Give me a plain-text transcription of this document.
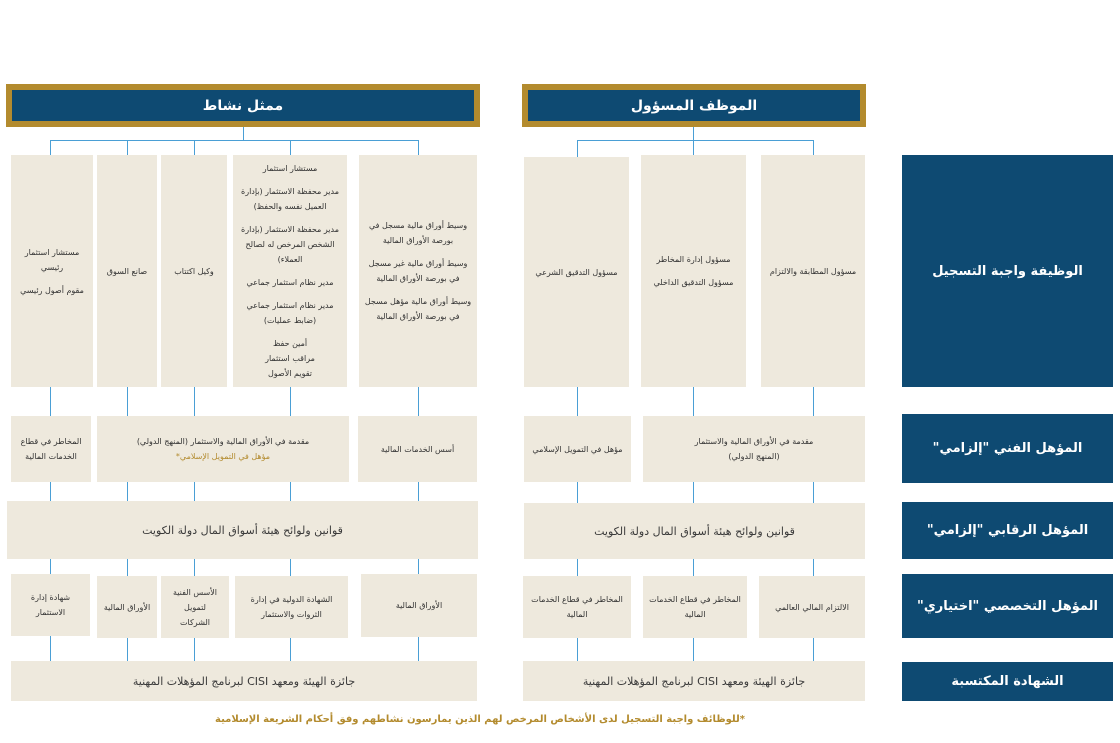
ممثل نشاط	الموظف المسؤول
الوظيفة واجبة التسجيل
المؤهل الفني "إلزامي"
المؤهل الرقابي "إلزامي"
المؤهل التخصصي "اختياري"
الشهادة المكتسبة

مسؤول المطابقة والالتزام

مسؤول إدارة المخاطر

مسؤول التدقيق الداخلي

مسؤول التدقيق الشرعي

وسيط أوراق مالية مسجل في بورصة الأوراق المالية

وسيط أوراق مالية غير مسجل في بورصة الأوراق المالية

وسيط أوراق مالية مؤهل مسجل في بورصة الأوراق المالية

مستشار استثمار

مدير محفظة الاستثمار (بإدارة العميل نفسه والحفظ)

مدير محفظة الاستثمار (بإدارة الشخص المرخص له لصالح العملاء)

مدير نظام استثمار جماعي

مدير نظام استثمار جماعي (ضابط عمليات)

أمين حفظ
مراقب استثمار
تقويم الأصول

وكيل اكتتاب

صانع السوق

مستشار استثمار رئيسي

مقوم أصول رئيسي

مقدمة في الأوراق المالية والاستثمار
(المنهج الدولي)
مؤهل في التمويل الإسلامي
أسس الخدمات المالية
مقدمة في الأوراق المالية والاستثمار (المنهج الدولي)
مؤهل في التمويل الإسلامي*
المخاطر في قطاع
الخدمات المالية
قوانين ولوائح هيئة أسواق المال دولة الكويت
قوانين ولوائح هيئة أسواق المال دولة الكويت
الالتزام المالي العالمي
المخاطر في قطاع الخدمات
المالية
المخاطر في قطاع الخدمات
المالية
الأوراق المالية
الشهادة الدولية في إدارة
الثروات والاستثمار
الأسس الفنية
لتمويل
الشركات
الأوراق المالية
شهادة إدارة
الاستثمار
جائزة الهيئة ومعهد CISI لبرنامج المؤهلات المهنية
جائزة الهيئة ومعهد CISI لبرنامج المؤهلات المهنية
*للوظائف واجبة التسجيل لدى الأشخاص المرخص لهم الذين يمارسون نشاطهم وفق أحكام الشريعة الإسلامية
